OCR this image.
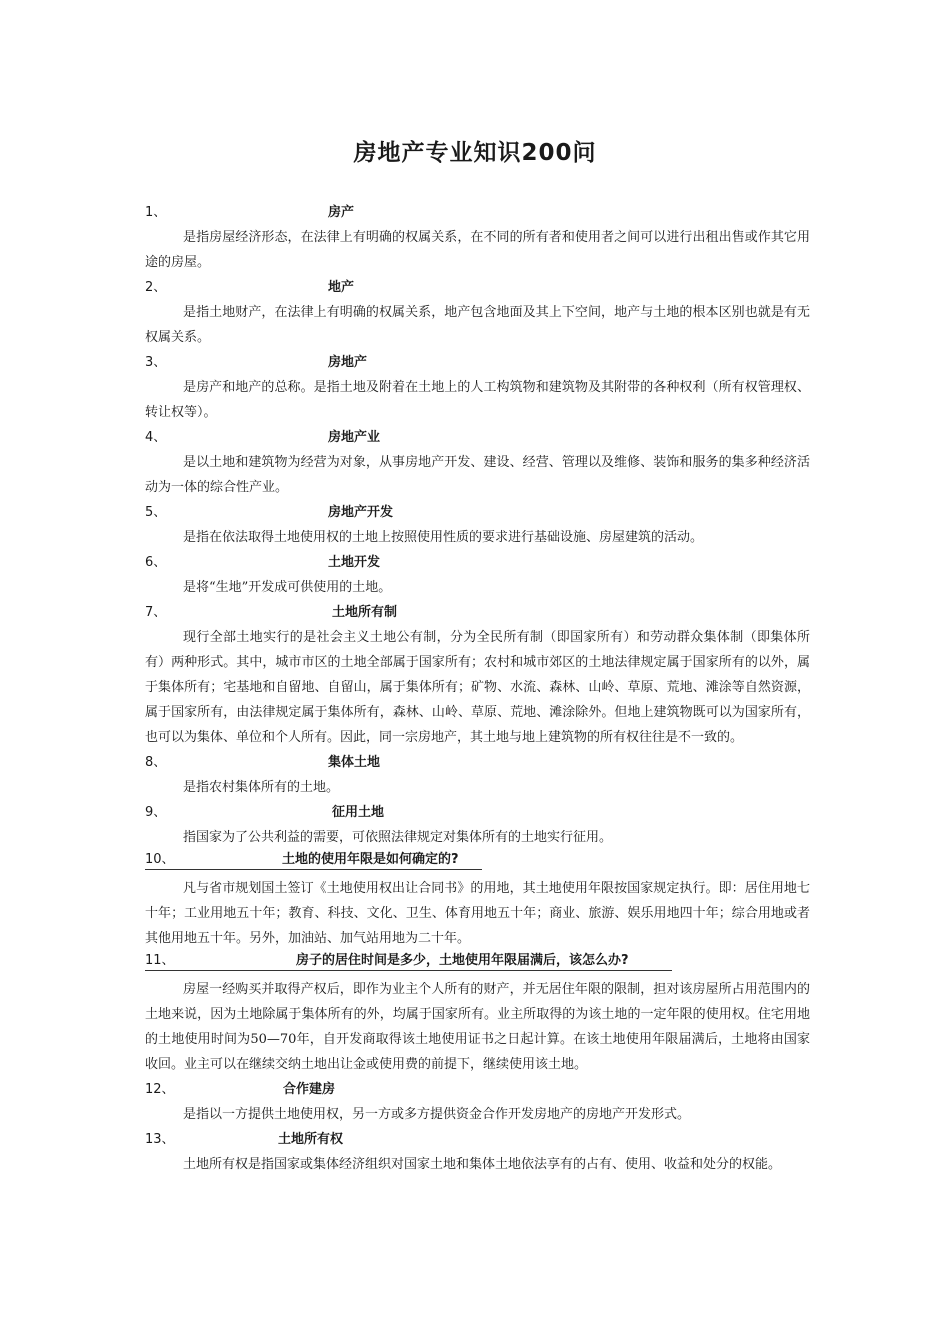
房地产专业知识200问
1、	房产

是指房屋经济形态，在法律上有明确的权属关系，在不同的所有者和使用者之间可以进行出租出售或作其它用途的房屋。

2、	地产

是指土地财产，在法律上有明确的权属关系，地产包含地面及其上下空间，地产与土地的根本区别也就是有无权属关系。

3、	房地产

是房产和地产的总称。是指土地及附着在土地上的人工构筑物和建筑物及其附带的各种权利（所有权管理权、转让权等）。

4、	房地产业

是以土地和建筑物为经营为对象，从事房地产开发、建设、经营、管理以及维修、装饰和服务的集多种经济活动为一体的综合性产业。

5、	房地产开发

是指在依法取得土地使用权的土地上按照使用性质的要求进行基础设施、房屋建筑的活动。

6、	土地开发

是将“生地”开发成可供使用的土地。

7、	土地所有制

现行全部土地实行的是社会主义土地公有制，分为全民所有制（即国家所有）和劳动群众集体制（即集体所有）两种形式。其中，城市市区的土地全部属于国家所有；农村和城市郊区的土地法律规定属于国家所有的以外，属于集体所有；宅基地和自留地、自留山，属于集体所有；矿物、水流、森林、山岭、草原、荒地、滩涂等自然资源，属于国家所有，由法律规定属于集体所有，森林、山岭、草原、荒地、滩涂除外。但地上建筑物既可以为国家所有，也可以为集体、单位和个人所有。因此，同一宗房地产，其土地与地上建筑物的所有权往往是不一致的。

8、	集体土地

是指农村集体所有的土地。

9、	征用土地

指国家为了公共利益的需要，可依照法律规定对集体所有的土地实行征用。

10、	土地的使用年限是如何确定的?

凡与省市规划国土签订《土地使用权出让合同书》的用地，其土地使用年限按国家规定执行。即：居住用地七十年；工业用地五十年；教育、科技、文化、卫生、体育用地五十年；商业、旅游、娱乐用地四十年；综合用地或者其他用地五十年。另外，加油站、加气站用地为二十年。

11、	房子的居住时间是多少，土地使用年限届满后，该怎么办?

房屋一经购买并取得产权后，即作为业主个人所有的财产，并无居住年限的限制，担对该房屋所占用范围内的土地来说，因为土地除属于集体所有的外，均属于国家所有。业主所取得的为该土地的一定年限的使用权。住宅用地的土地使用时间为50—70年，自开发商取得该土地使用证书之日起计算。在该土地使用年限届满后，土地将由国家收回。业主可以在继续交纳土地出让金或使用费的前提下，继续使用该土地。

12、	合作建房

是指以一方提供土地使用权，另一方或多方提供资金合作开发房地产的房地产开发形式。

13、	土地所有权

土地所有权是指国家或集体经济组织对国家土地和集体土地依法享有的占有、使用、收益和处分的权能。
